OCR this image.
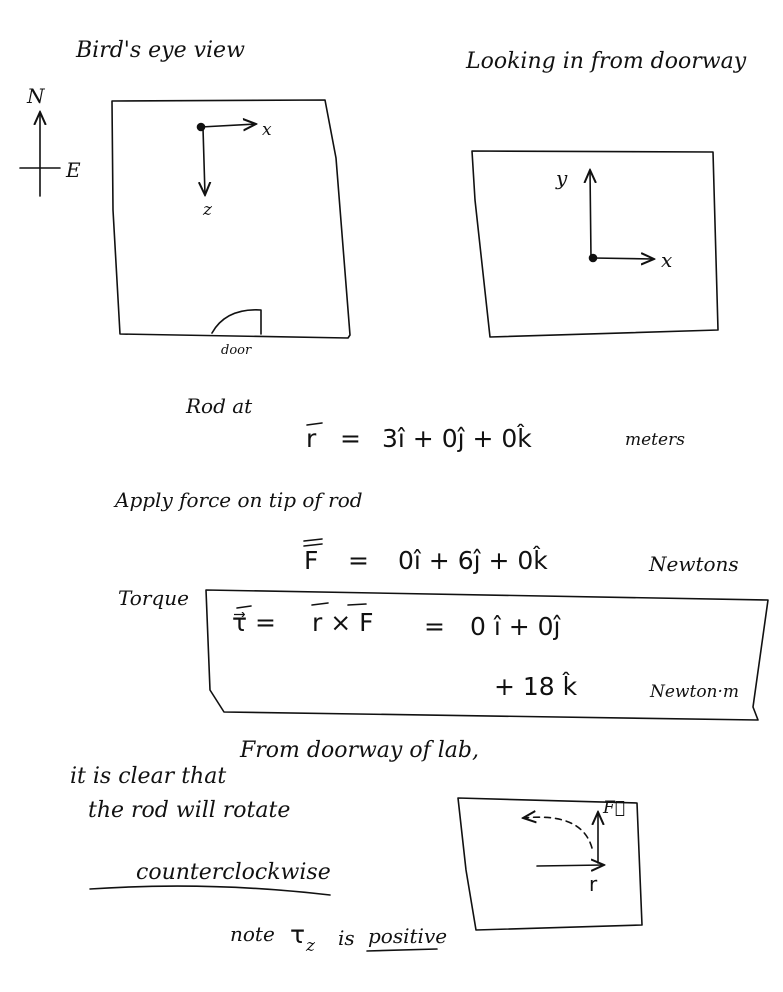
Bird's eye view
N
E
x
z
door
Looking in from doorway
y
x
Rod at
r = 3î + 0ĵ + 0k̂	meters
Apply force on tip of rod
F = 0î + 6ĵ + 0k̂	Newtons
Torque
τ⃗ = r × F = 0 î + 0ĵ
+ 18 k̂	Newton·m
From doorway of lab,
it is clear that
the rod will rotate
counterclockwise
note τ z is positive
F⃗
r
